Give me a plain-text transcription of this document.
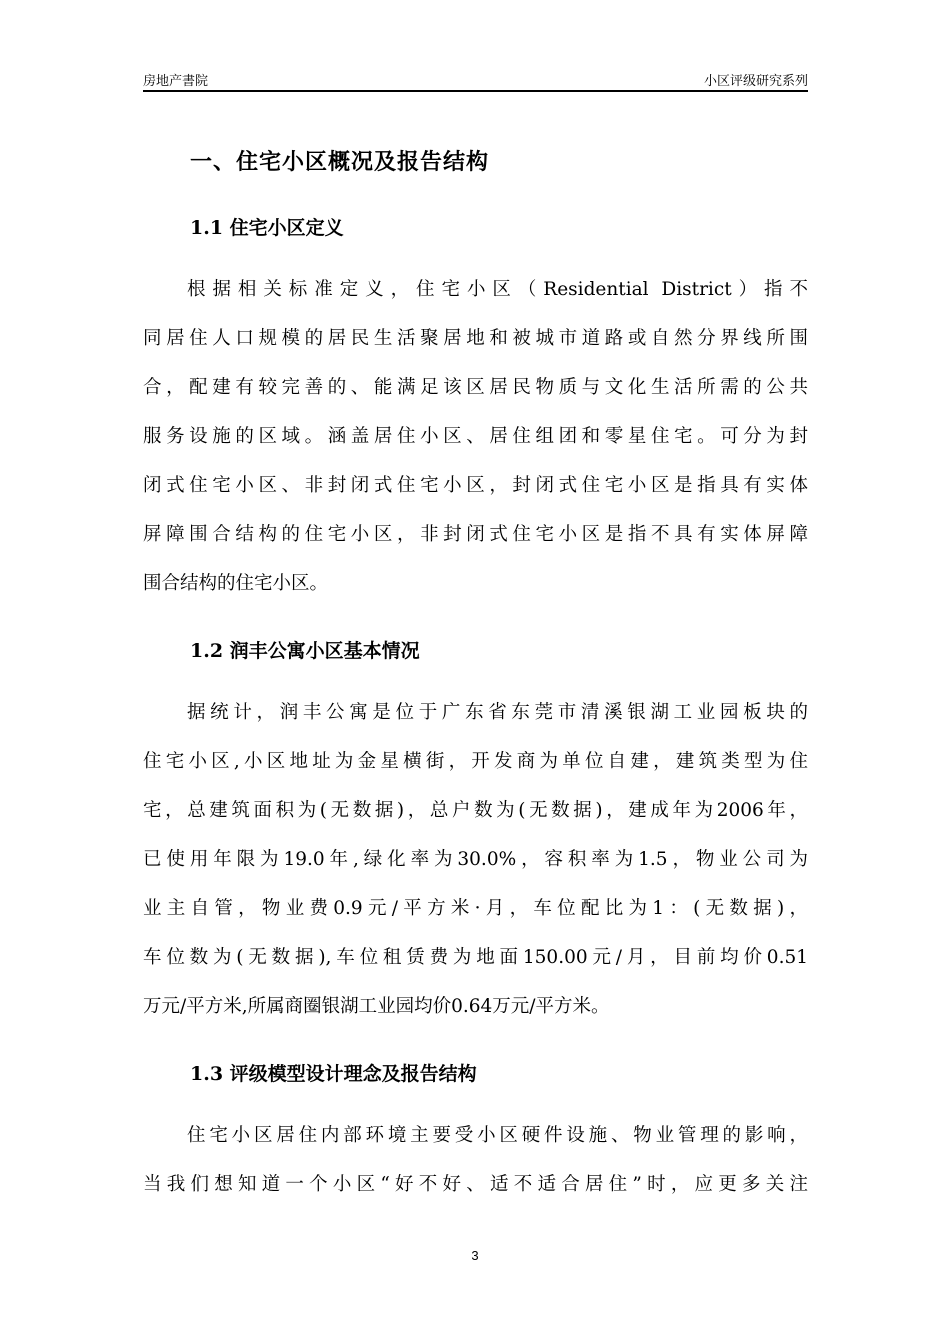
房地产書院	小区评级研究系列
一、住宅小区概况及报告结构
1.1 住宅小区定义
根据相关标准定义，住宅小区（Residential District）指不
同居住人口规模的居民生活聚居地和被城市道路或自然分界线所围
合，配建有较完善的、能满足该区居民物质与文化生活所需的公共
服务设施的区域。涵盖居住小区、居住组团和零星住宅。可分为封
闭式住宅小区、非封闭式住宅小区，封闭式住宅小区是指具有实体
屏障围合结构的住宅小区，非封闭式住宅小区是指不具有实体屏障
围合结构的住宅小区。
1.2 润丰公寓小区基本情况
据统计，润丰公寓是位于广东省东莞市清溪银湖工业园板块的
住宅小区,小区地址为金星横街，开发商为单位自建，建筑类型为住
宅，总建筑面积为(无数据)，总户数为(无数据)，建成年为2006年，
已使用年限为19.0年,绿化率为30.0%，容积率为1.5，物业公司为
业主自管，物业费0.9元/平方米·月，车位配比为1：(无数据)，
车位数为(无数据),车位租赁费为地面150.00元/月，目前均价0.51
万元/平方米,所属商圈银湖工业园均价0.64万元/平方米。
1.3 评级模型设计理念及报告结构
住宅小区居住内部环境主要受小区硬件设施、物业管理的影响，
当我们想知道一个小区“好不好、适不适合居住”时，应更多关注
3
